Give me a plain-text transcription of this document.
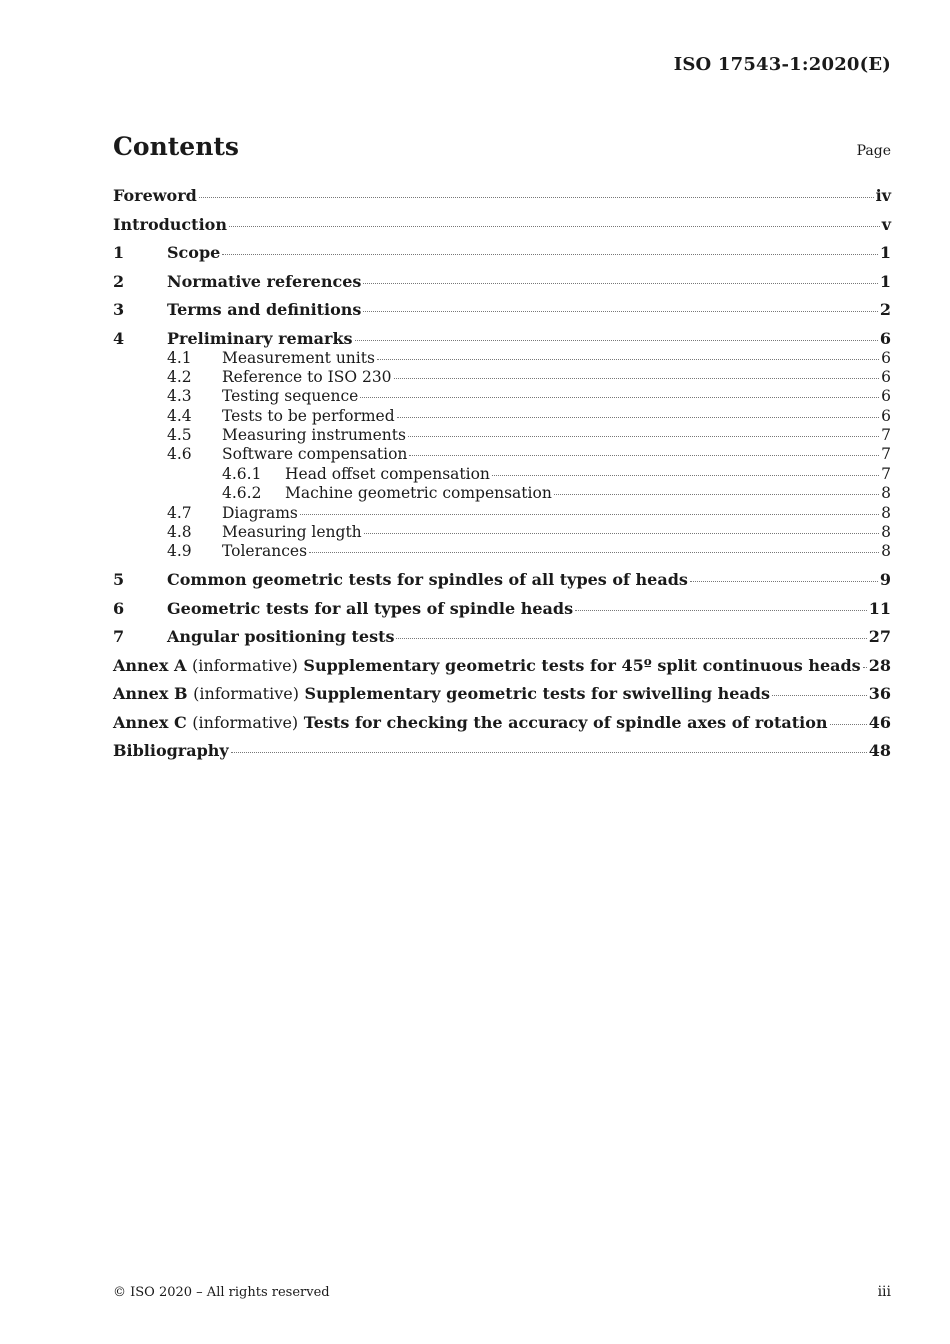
ISO 17543-1:2020(E)
Contents	Page
Foreword	iv
Introduction	v
1	Scope	1
2	Normative references	1
3	Terms and definitions	2
4	Preliminary remarks	6
4.1	Measurement units	6
4.2	Reference to ISO 230	6
4.3	Testing sequence	6
4.4	Tests to be performed	6
4.5	Measuring instruments	7
4.6	Software compensation	7
4.6.1	Head offset compensation	7
4.6.2	Machine geometric compensation	8
4.7	Diagrams	8
4.8	Measuring length	8
4.9	Tolerances	8
5	Common geometric tests for spindles of all types of heads	9
6	Geometric tests for all types of spindle heads	11
7	Angular positioning tests	27
Annex A (informative) Supplementary geometric tests for 45º split continuous heads 28
Annex B (informative) Supplementary geometric tests for swivelling heads	36
Annex C (informative) Tests for checking the accuracy of spindle axes of rotation	46
Bibliography	48
© ISO 2020 – All rights reserved	iii
